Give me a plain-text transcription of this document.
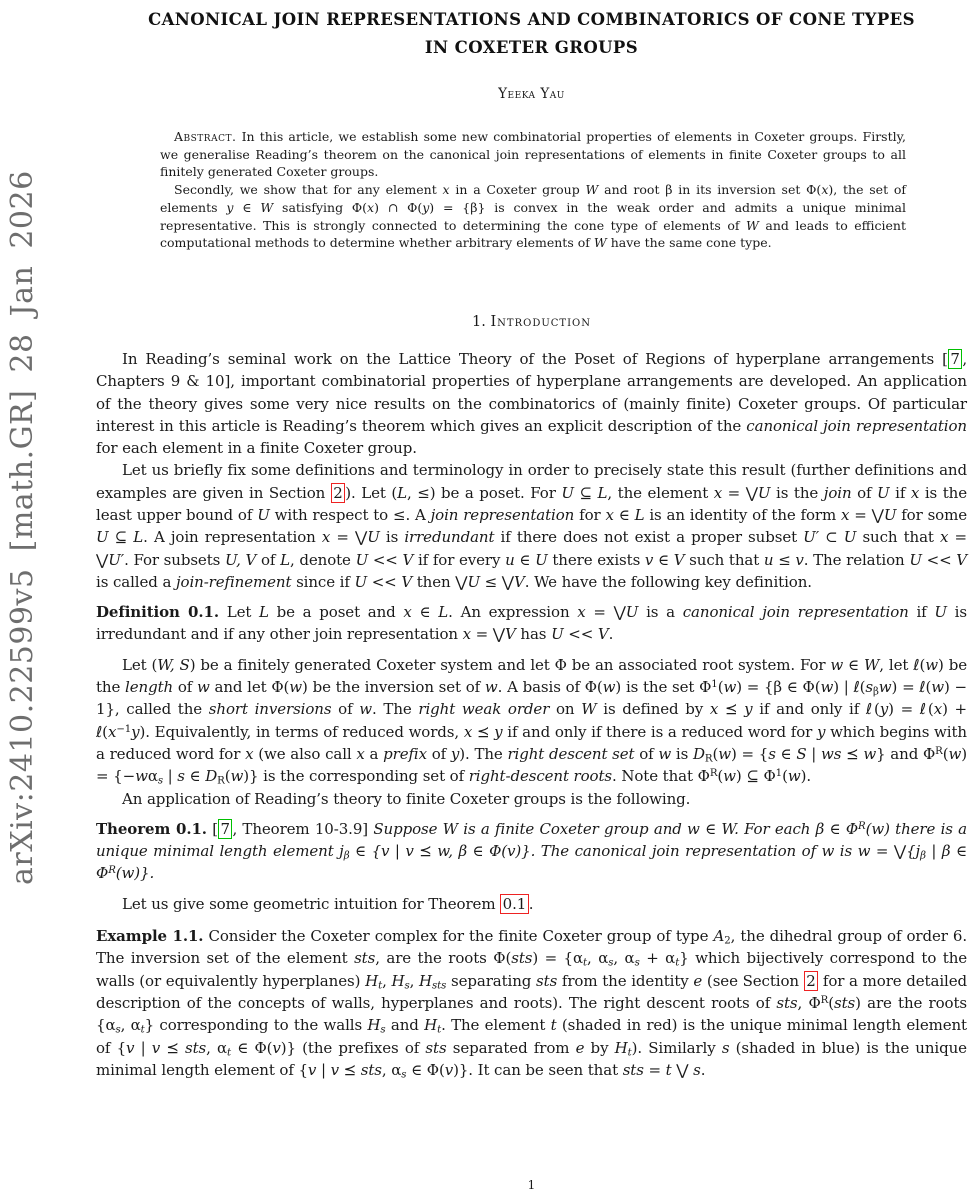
arXiv:2410.22599v5 [math.GR] 28 Jan 2026
CANONICAL JOIN REPRESENTATIONS AND COMBINATORICS OF CONE TYPES
IN COXETER GROUPS
Yeeka Yau

Abstract. In this article, we establish some new combinatorial properties of elements in Coxeter groups. Firstly, we generalise Reading’s theorem on the canonical join representations of elements in finite Coxeter groups to all finitely generated Coxeter groups.

Secondly, we show that for any element x in a Coxeter group W and root β in its inversion set Φ(x), the set of elements y ∈ W satisfying Φ(x) ∩ Φ(y) = {β} is convex in the weak order and admits a unique minimal representative. This is strongly connected to determining the cone type of elements of W and leads to efficient computational methods to determine whether arbitrary elements of W have the same cone type.

1. Introduction

In Reading’s seminal work on the Lattice Theory of the Poset of Regions of hyperplane arrangements [ 7 , Chapters 9 & 10], important combinatorial properties of hyperplane arrangements are developed. An application of the theory gives some very nice results on the combinatorics of (mainly finite) Coxeter groups. Of particular interest in this article is Reading’s theorem which gives an explicit description of the canonical join representation for each element in a finite Coxeter group.

Let us briefly fix some definitions and terminology in order to precisely state this result (further definitions and examples are given in Section 2 ). Let (L, ≤) be a poset. For U ⊆ L, the element x = ⋁U is the join of U if x is the least upper bound of U with respect to ≤. A join representation for x ∈ L is an identity of the form x = ⋁U for some U ⊆ L. A join representation x = ⋁U is irredundant if there does not exist a proper subset U′ ⊂ U such that x = ⋁U′. For subsets U, V of L, denote U << V if for every u ∈ U there exists v ∈ V such that u ≤ v. The relation U << V is called a join-refinement since if U << V then ⋁U ≤ ⋁V. We have the following key definition.

Definition 0.1. Let L be a poset and x ∈ L. An expression x = ⋁U is a canonical join representation if U is irredundant and if any other join representation x = ⋁V has U << V.

Let (W, S) be a finitely generated Coxeter system and let Φ be an associated root system. For w ∈ W, let ℓ(w) be the length of w and let Φ(w) be the inversion set of w. A basis of Φ(w) is the set $\Phi^1(w) = \{\beta$ ∈ Φ(w) | $\ell(s_\beta w)$ = ℓ(w) − 1}, called the short inversions of w. The right weak order on W is defined by x ⪯ y if and only if ℓ(y) = ℓ(x) + $\ell(x^{-1}y)$. Equivalently, in terms of reduced words, x ⪯ y if and only if there is a reduced word for y which begins with a reduced word for x (we also call x a prefix of y). The right descent set of w is $D_R(w) = \{s$ ∈ S | ws ⪯ w} and $\Phi^R(w) = \{-w\alpha_s$ | s ∈ $D_R(w)$} is the corresponding set of right-descent roots. Note that $\Phi^R(w)$ ⊆ $\Phi^1(w)$.

An application of Reading’s theory to finite Coxeter groups is the following.

Theorem 0.1. [ 7 , Theorem 10-3.9] Suppose W is a finite Coxeter group and w ∈ W. For each β ∈ $\Phi^R(w)$ there is a unique minimal length element $j_\beta$ ∈ {v | v ⪯ w, β ∈ Φ(v)}. The canonical join representation of w is $w = ⋁\{j_\beta$ | β ∈ $\Phi^R(w)$}.

Let us give some geometric intuition for Theorem 0.1 .

Example 1.1. Consider the Coxeter complex for the finite Coxeter group of type $A_2$, the dihedral group of order 6. The inversion set of the element sts, are the roots $\Phi(sts) = \{\alpha_t$, $\alpha_s$, $\alpha_s + \alpha_t$} which bijectively correspond to the walls (or equivalently hyperplanes) $H_t$, $H_s$, $H_{sts}$ separating sts from the identity e (see Section 2 for a more detailed description of the concepts of walls, hyperplanes and roots). The right descent roots of sts, $\Phi^R(sts)$ are the roots {$\alpha_s$, $\alpha_t$} corresponding to the walls $H_s$ and $H_t$. The element t (shaded in red) is the unique minimal length element of {v | v ⪯ sts, $\alpha_t$ ∈ Φ(v)} (the prefixes of sts separated from e by $H_t$). Similarly s (shaded in blue) is the unique minimal length element of {v | v ⪯ sts, $\alpha_s$ ∈ Φ(v)}. It can be seen that sts = t ⋁ s.

1
